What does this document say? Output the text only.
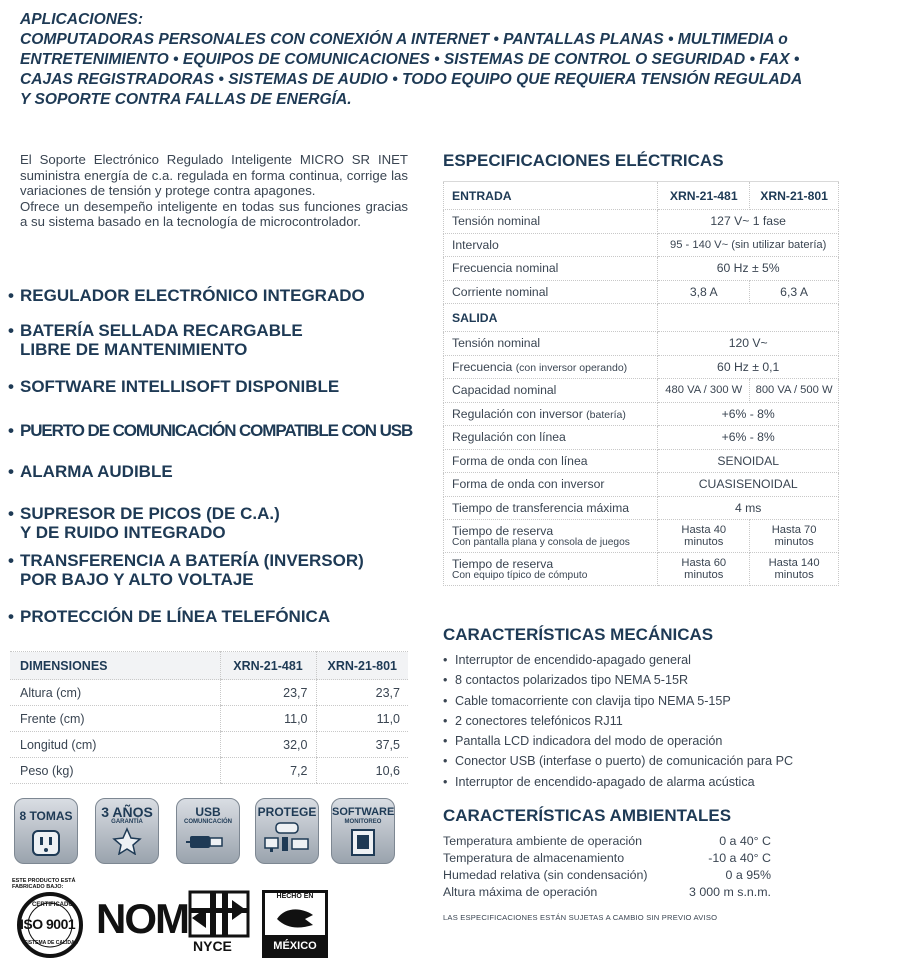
APLICACIONES:
COMPUTADORAS PERSONALES CON CONEXIÓN A INTERNET • PANTALLAS PLANAS • MULTIMEDIA o
ENTRETENIMIENTO • EQUIPOS DE COMUNICACIONES • SISTEMAS DE CONTROL O SEGURIDAD • FAX •
CAJAS REGISTRADORAS • SISTEMAS DE AUDIO • TODO EQUIPO QUE REQUIERA TENSIÓN REGULADA
Y SOPORTE CONTRA FALLAS DE ENERGÍA.

El Soporte Electrónico Regulado Inteligente MICRO SR INET suministra energía de c.a. regulada en forma continua, corrige las variaciones de tensión y protege contra apagones.

Ofrece un desempeño inteligente en todas sus funciones gracias a su sistema basado en la tecnología de microcontrolador.

• REGULADOR ELECTRÓNICO INTEGRADO
• BATERÍA SELLADA RECARGABLE
LIBRE DE MANTENIMIENTO
• SOFTWARE INTELLISOFT DISPONIBLE
• PUERTO DE COMUNICACIÓN COMPATIBLE CON USB
• ALARMA AUDIBLE
• SUPRESOR DE PICOS (DE C.A.)
Y DE RUIDO INTEGRADO
• TRANSFERENCIA A BATERÍA (INVERSOR)
POR BAJO Y ALTO VOLTAJE
• PROTECCIÓN DE LÍNEA TELEFÓNICA
DIMENSIONES	XRN-21-481	XRN-21-801
Altura (cm)	23,7	23,7
Frente (cm)	11,0	11,0
Longitud (cm)	32,0	37,5
Peso (kg)	7,2	10,6
8 TOMAS	3 AÑOS
GARANTÍA
USB
COMUNICACIÓN
PROTEGE SOFTWARE
MONITOREO
ESTE PRODUCTO ESTÁ FABRICADO BAJO:
CERTIFICADO
ISO 9001
SISTEMA DE CALIDAD
NOM
NYCE
HECHO EN
MÉXICO
ESPECIFICACIONES ELÉCTRICAS
ENTRADA	XRN-21-481	XRN-21-801
Tensión nominal	127 V~ 1 fase	
Intervalo	95 - 140 V~ (sin utilizar batería)	
Frecuencia nominal	60 Hz ± 5%	
Corriente nominal	3,8 A	6,3 A
SALIDA		
Tensión nominal	120 V~	
Frecuencia (con inversor operando)	60 Hz ± 0,1	
Capacidad nominal	480 VA / 300 W	800 VA / 500 W
Regulación con inversor (batería)	+6% - 8%	
Regulación con línea	+6% - 8%	
Forma de onda con línea	SENOIDAL	
Forma de onda con inversor	CUASISENOIDAL	
Tiempo de transferencia máxima	4 ms	
Tiempo de reserva
Con pantalla plana y consola de juegos	Hasta 40 minutos	Hasta 70 minutos
Tiempo de reserva
Con equipo típico de cómputo	Hasta 60 minutos	Hasta 140 minutos
CARACTERÍSTICAS MECÁNICAS
• Interruptor de encendido-apagado general
• 8 contactos polarizados tipo NEMA 5-15R
• Cable tomacorriente con clavija tipo NEMA 5-15P
• 2 conectores telefónicos RJ11
• Pantalla LCD indicadora del modo de operación
• Conector USB (interfase o puerto) de comunicación para PC
• Interruptor de encendido-apagado de alarma acústica
CARACTERÍSTICAS AMBIENTALES
Temperatura ambiente de operación	0 a 40° C
Temperatura de almacenamiento	-10 a 40° C
Humedad relativa (sin condensación)	0 a 95%
Altura máxima de operación	3 000 m s.n.m.
LAS ESPECIFICACIONES ESTÁN SUJETAS A CAMBIO SIN PREVIO AVISO
